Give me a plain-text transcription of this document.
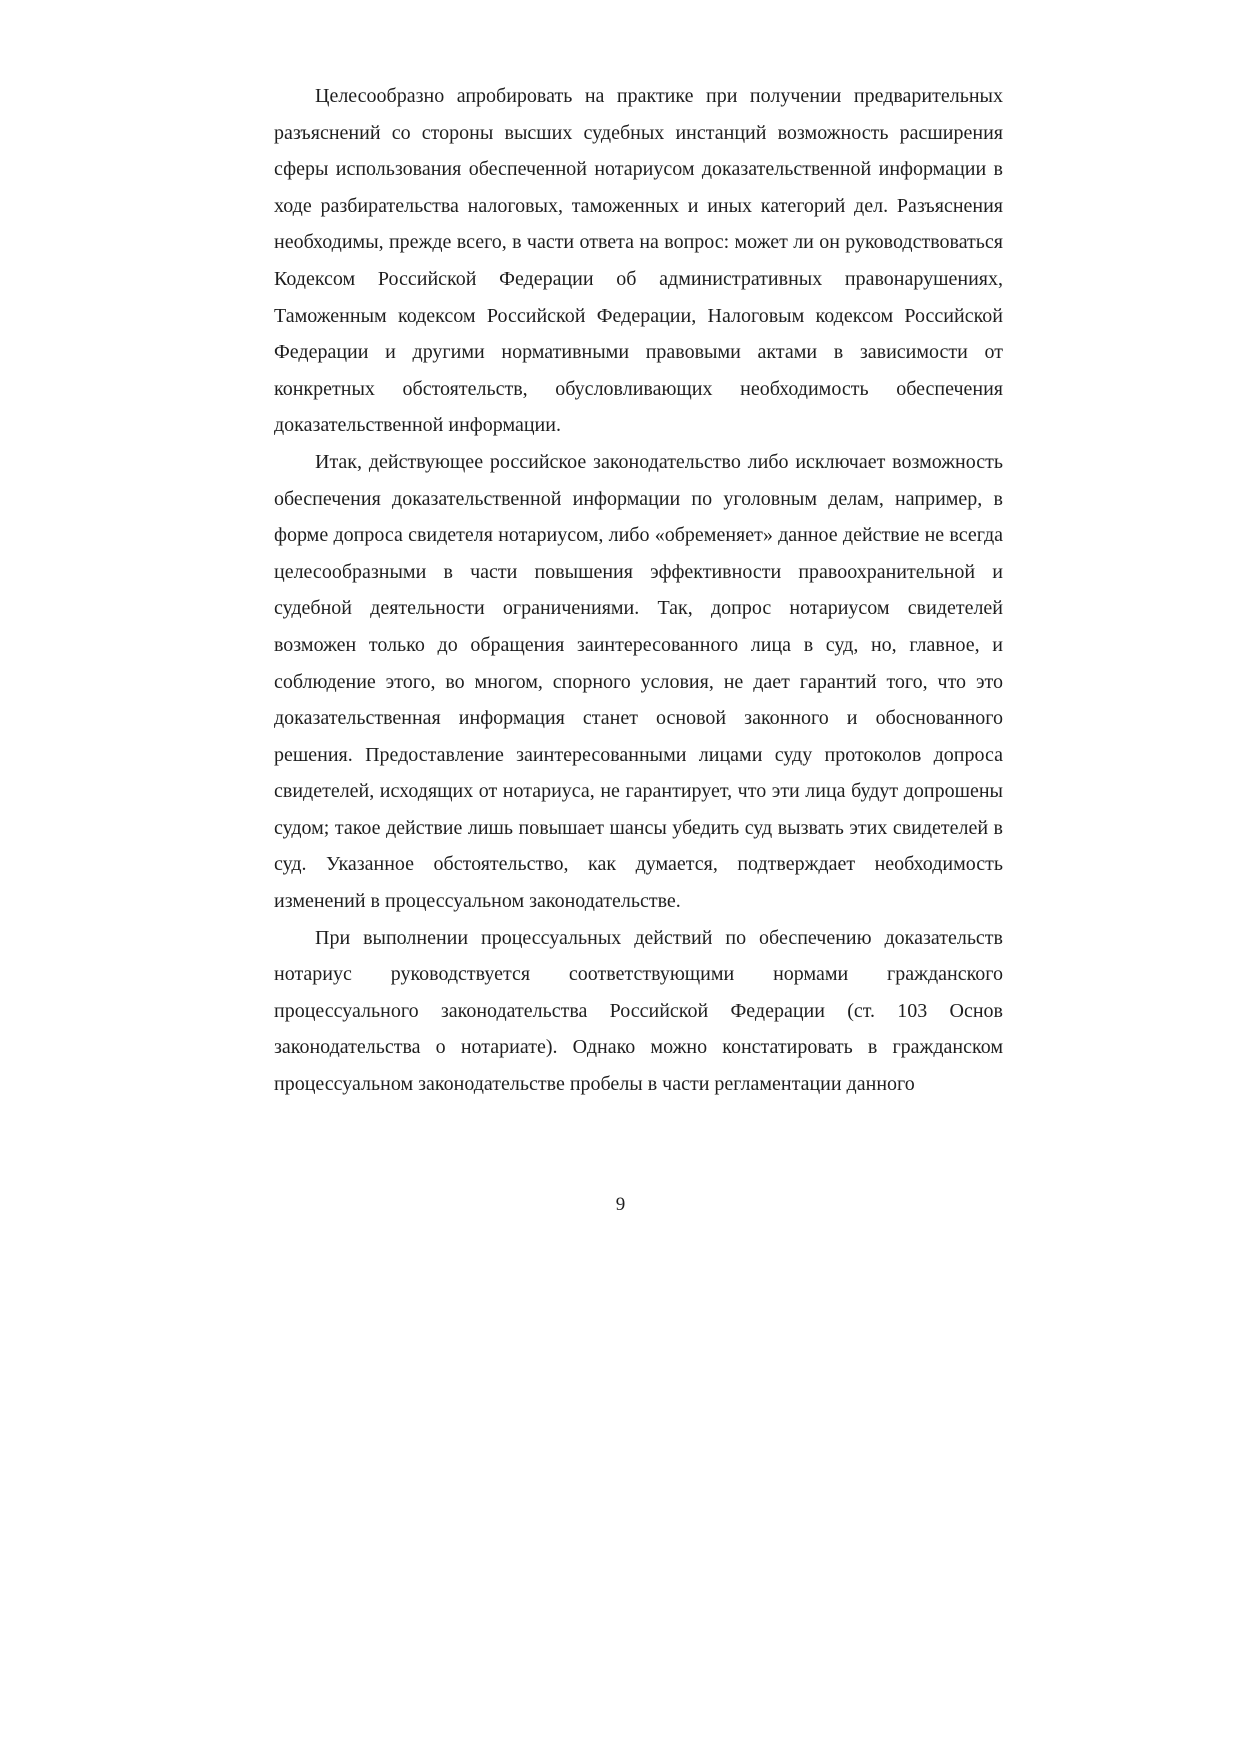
Целесообразно апробировать на практике при получении предварительных разъяснений со стороны высших судебных инстанций возможность расширения сферы использования обеспеченной нотариусом доказательственной информации в ходе разбирательства налоговых, таможенных и иных категорий дел. Разъяснения необходимы, прежде всего, в части ответа на вопрос: может ли он руководствоваться Кодексом Российской Федерации об административных правонарушениях, Таможенным кодексом Российской Федерации, Налоговым кодексом Российской Федерации и другими нормативными правовыми актами в зависимости от конкретных обстоятельств, обусловливающих необходимость обеспечения доказательственной информации.

Итак, действующее российское законодательство либо исключает возможность обеспечения доказательственной информации по уголовным делам, например, в форме допроса свидетеля нотариусом, либо «обременяет» данное действие не всегда целесообразными в части повышения эффективности правоохранительной и судебной деятельности ограничениями. Так, допрос нотариусом свидетелей возможен только до обращения заинтересованного лица в суд, но, главное, и соблюдение этого, во многом, спорного условия, не дает гарантий того, что это доказательственная информация станет основой законного и обоснованного решения. Предоставление заинтересованными лицами суду протоколов допроса свидетелей, исходящих от нотариуса, не гарантирует, что эти лица будут допрошены судом; такое действие лишь повышает шансы убедить суд вызвать этих свидетелей в суд. Указанное обстоятельство, как думается, подтверждает необходимость изменений в процессуальном законодательстве.

При выполнении процессуальных действий по обеспечению доказательств нотариус руководствуется соответствующими нормами гражданского процессуального законодательства Российской Федерации (ст. 103 Основ законодательства о нотариате). Однако можно констатировать в гражданском процессуальном законодательстве пробелы в части регламентации данного

9
